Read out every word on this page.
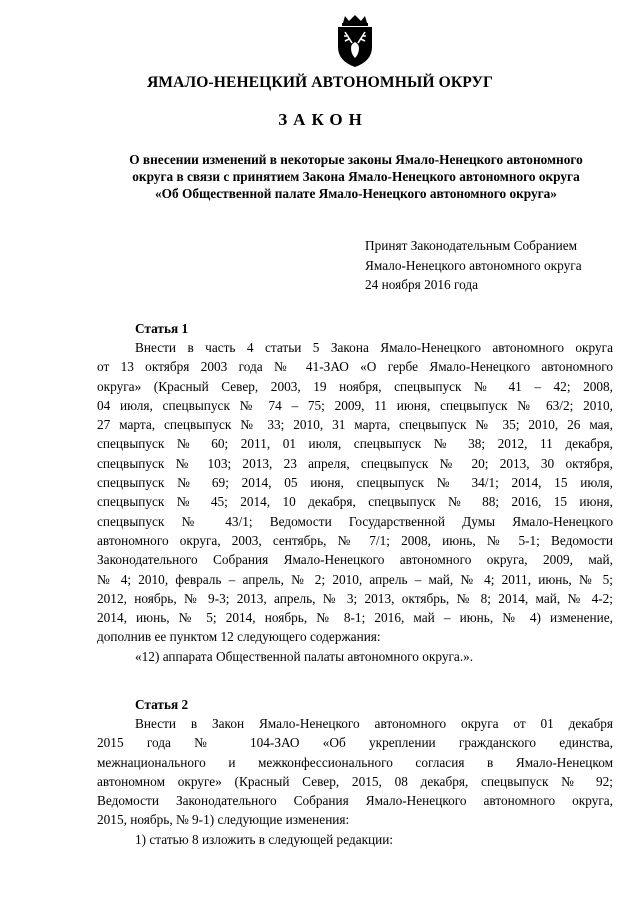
ЯМАЛО-НЕНЕЦКИЙ АВТОНОМНЫЙ ОКРУГ
ЗАКОН
О внесении изменений в некоторые законы Ямало-Ненецкого автономного
округа в связи с принятием Закона Ямало-Ненецкого автономного округа
«Об Общественной палате Ямало-Ненецкого автономного округа»
Принят Законодательным Собранием
Ямало-Ненецкого автономного округа
24 ноября 2016 года
Статья 1
Внести в часть 4 статьи 5 Закона Ямало-Ненецкого автономного округа
от 13 октября 2003 года № 41-ЗАО «О гербе Ямало-Ненецкого автономного
округа» (Красный Север, 2003, 19 ноября, спецвыпуск № 41 – 42; 2008,
04 июля, спецвыпуск № 74 – 75; 2009, 11 июня, спецвыпуск № 63/2; 2010,
27 марта, спецвыпуск № 33; 2010, 31 марта, спецвыпуск № 35; 2010, 26 мая,
спецвыпуск № 60; 2011, 01 июля, спецвыпуск № 38; 2012, 11 декабря,
спецвыпуск № 103; 2013, 23 апреля, спецвыпуск № 20; 2013, 30 октября,
спецвыпуск № 69; 2014, 05 июня, спецвыпуск № 34/1; 2014, 15 июля,
спецвыпуск № 45; 2014, 10 декабря, спецвыпуск № 88; 2016, 15 июня,
спецвыпуск № 43/1; Ведомости Государственной Думы Ямало-Ненецкого
автономного округа, 2003, сентябрь, № 7/1; 2008, июнь, № 5-1; Ведомости
Законодательного Собрания Ямало-Ненецкого автономного округа, 2009, май,
№ 4; 2010, февраль – апрель, № 2; 2010, апрель – май, № 4; 2011, июнь, № 5;
2012, ноябрь, № 9-3; 2013, апрель, № 3; 2013, октябрь, № 8; 2014, май, № 4-2;
2014, июнь, № 5; 2014, ноябрь, № 8-1; 2016, май – июнь, № 4) изменение,
дополнив ее пунктом 12 следующего содержания:
«12) аппарата Общественной палаты автономного округа.».
Статья 2
Внести в Закон Ямало-Ненецкого автономного округа от 01 декабря
2015 года № 104-ЗАО «Об укреплении гражданского единства,
межнационального и межконфессионального согласия в Ямало-Ненецком
автономном округе» (Красный Север, 2015, 08 декабря, спецвыпуск № 92;
Ведомости Законодательного Собрания Ямало-Ненецкого автономного округа,
2015, ноябрь, № 9-1) следующие изменения:
1) статью 8 изложить в следующей редакции:
